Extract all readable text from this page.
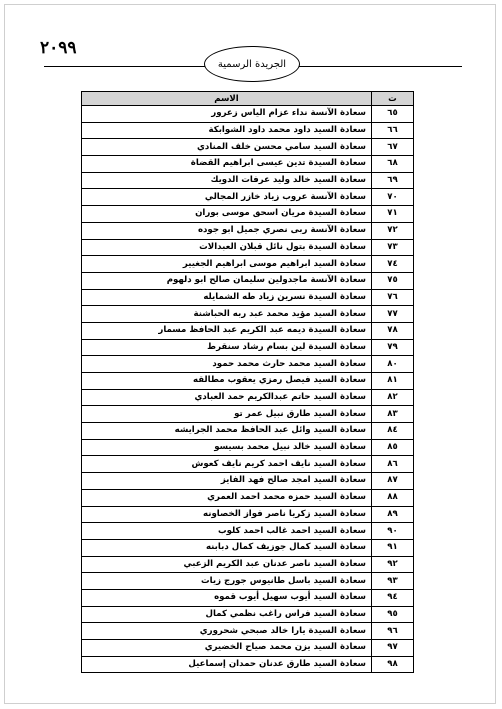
٢٠٩٩
الجريدة الرسمية
ت	الاسم
٦٥	سعادة الآنسة نداء عزام الياس زعرور
٦٦	سعادة السيد داود محمد داود الشوابكة
٦٧	سعادة السيد سامي محسن خلف المنادي
٦٨	سعادة السيدة تدين عيسى ابراهيم القضاة
٦٩	سعادة السيد خالد وليد عرفات الدويك
٧٠	سعادة الآنسة عروب زياد خازر المجالي
٧١	سعادة السيدة مريان اسحق موسى بوران
٧٢	سعادة الآنسة ربى نصري جميل ابو جوده
٧٣	سعادة السيدة بتول نائل قبلان العبدالات
٧٤	سعادة السيد ابراهيم موسى ابراهيم الجغيير
٧٥	سعادة الآنسة ماجدولين سليمان صالح ابو دلهوم
٧٦	سعادة السيدة نسرين زياد طه الشمايله
٧٧	سعادة السيد مؤيد محمد عبد ربه الحباشنة
٧٨	سعادة السيدة ديمه عبد الكريم عبد الحافظ مسمار
٧٩	سعادة السيدة لين بسام رشاد سنقرط
٨٠	سعادة السيد محمد حارث محمد حمود
٨١	سعادة السيد فيصل رمزي يعقوب مطالقه
٨٢	سعادة السيد حاتم عبدالكريم حمد العبادي
٨٣	سعادة السيد طارق نبيل عمر تو
٨٤	سعادة السيد وائل عبد الحافظ محمد الجرايشه
٨٥	سعادة السيد خالد نبيل محمد بسيسو
٨٦	سعادة السيد نايف احمد كريم نايف كعوش
٨٧	سعادة السيد امجد صالح فهد الفايز
٨٨	سعادة السيد حمزه محمد احمد العمري
٨٩	سعادة السيد زكريا ناصر فواز الخصاونه
٩٠	سعادة السيد احمد غالب احمد كلوب
٩١	سعادة السيد كمال جوزيف كمال دبابنه
٩٢	سعادة السيد ناصر عدنان عبد الكريم الزعبي
٩٣	سعادة السيد باسل طانيوس جورج زيات
٩٤	سعادة السيد أيوب سهيل أيوب قموه
٩٥	سعادة السيد فراس راغب نظمي كمال
٩٦	سعادة السيدة يارا خالد صبحي شحروري
٩٧	سعادة السيد يزن محمد صياح الخضيري
٩٨	سعادة السيد طارق عدنان حمدان إسماعيل
